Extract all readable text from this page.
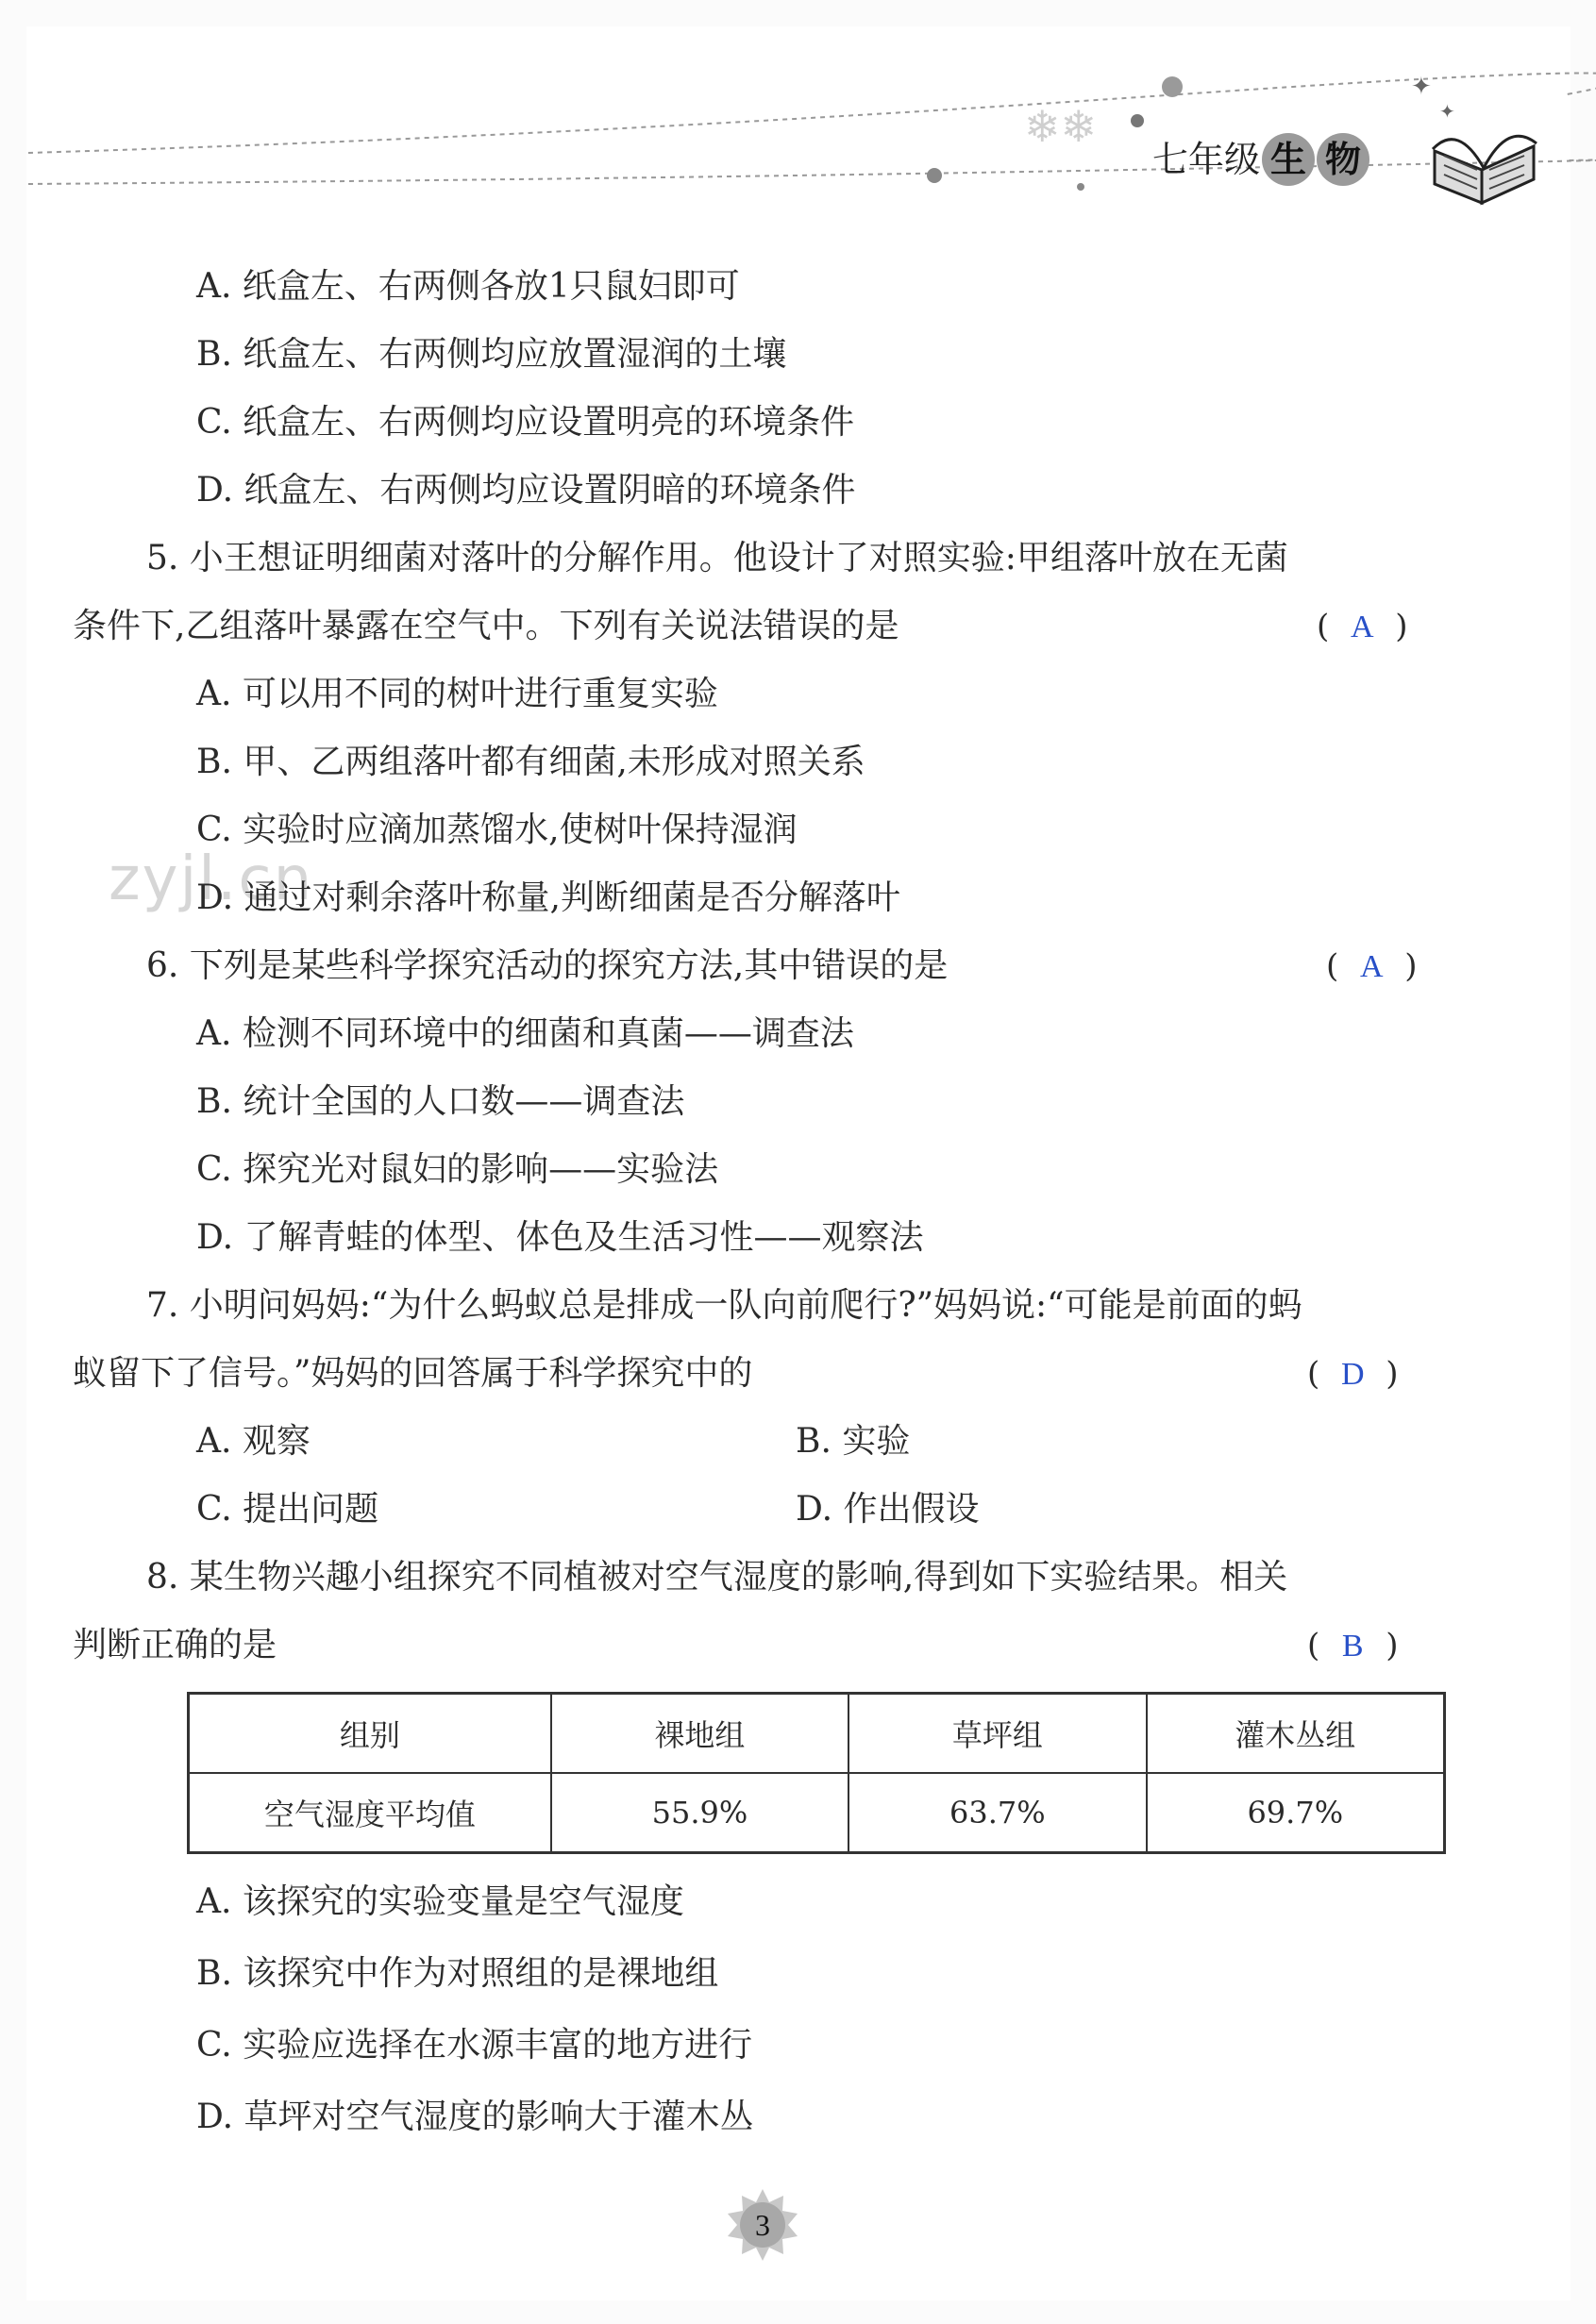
❄❄
✦
✦
七年级 生 物
zyjl.cn
A. 纸盒左、右两侧各放1只鼠妇即可
B. 纸盒左、右两侧均应放置湿润的土壤
C. 纸盒左、右两侧均应设置明亮的环境条件
D. 纸盒左、右两侧均应设置阴暗的环境条件
5. 小王想证明细菌对落叶的分解作用。他设计了对照实验:甲组落叶放在无菌
条件下,乙组落叶暴露在空气中。下列有关说法错误的是	( A )
A. 可以用不同的树叶进行重复实验
B. 甲、乙两组落叶都有细菌,未形成对照关系
C. 实验时应滴加蒸馏水,使树叶保持湿润
D. 通过对剩余落叶称量,判断细菌是否分解落叶
6. 下列是某些科学探究活动的探究方法,其中错误的是	( A )
A. 检测不同环境中的细菌和真菌——调查法
B. 统计全国的人口数——调查法
C. 探究光对鼠妇的影响——实验法
D. 了解青蛙的体型、体色及生活习性——观察法
7. 小明问妈妈:“为什么蚂蚁总是排成一队向前爬行?”妈妈说:“可能是前面的蚂
蚁留下了信号。”妈妈的回答属于科学探究中的	( D )
A. 观察	B. 实验
C. 提出问题	D. 作出假设
8. 某生物兴趣小组探究不同植被对空气湿度的影响,得到如下实验结果。相关
判断正确的是	( B )
组别	裸地组	草坪组	灌木丛组
空气湿度平均值	55.9%	63.7%	69.7%
A. 该探究的实验变量是空气湿度
B. 该探究中作为对照组的是裸地组
C. 实验应选择在水源丰富的地方进行
D. 草坪对空气湿度的影响大于灌木丛
3
